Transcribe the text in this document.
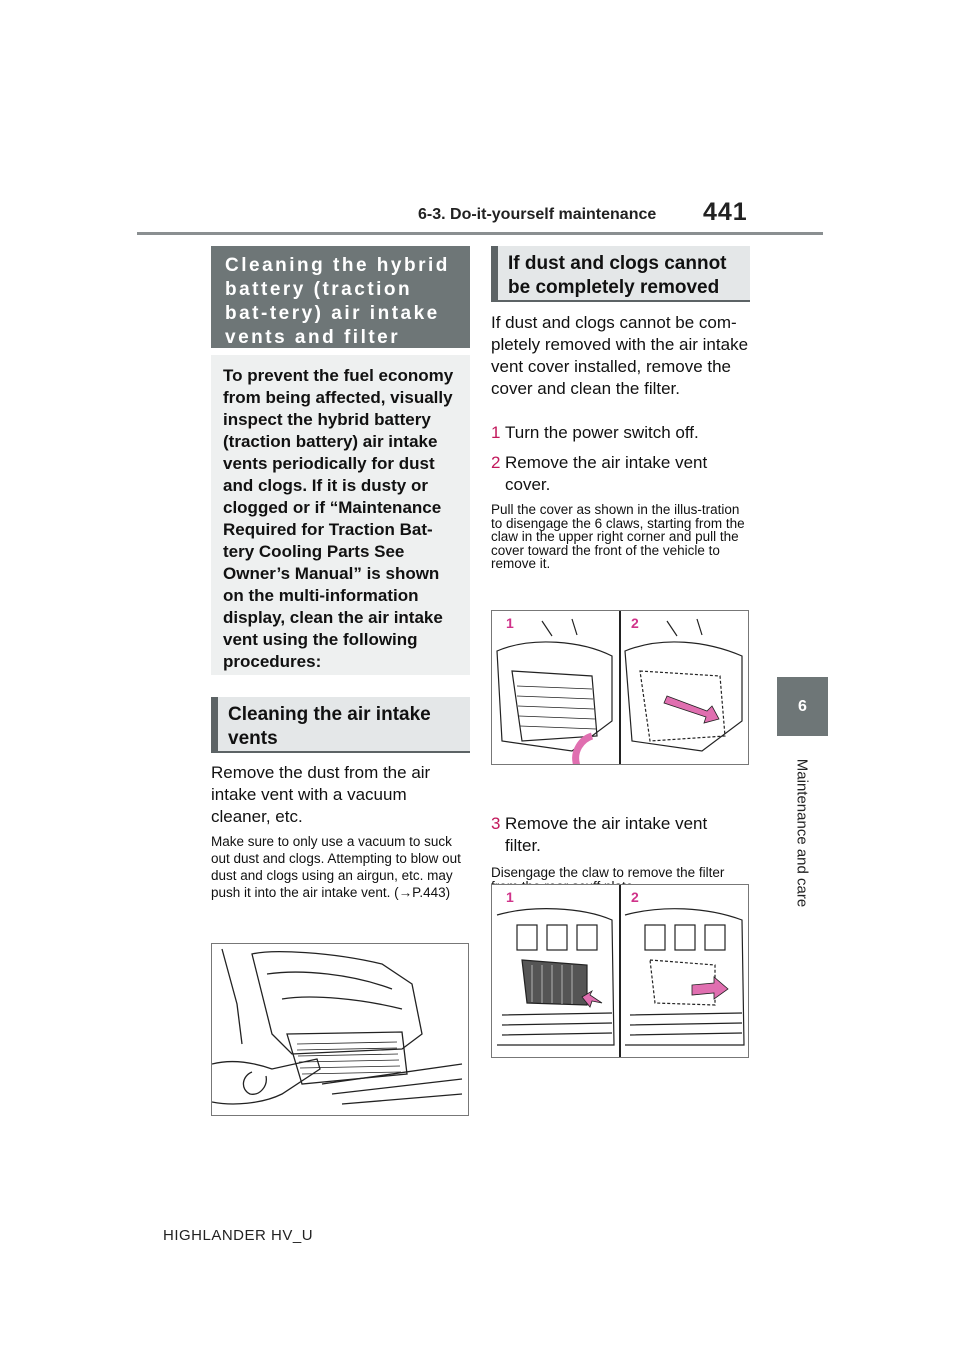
6-3. Do-it-yourself maintenance 441
6
Maintenance and care
Cleaning the hybrid battery (traction bat-tery) air intake vents and filter
To prevent the fuel economy from being affected, visually inspect the hybrid battery (traction battery) air intake vents periodically for dust and clogs. If it is dusty or clogged or if “Maintenance Required for Traction Bat-tery Cooling Parts See Owner’s Manual” is shown on the multi-information display, clean the air intake vent using the following procedures:
Cleaning the air intake vents
Remove the dust from the air intake vent with a vacuum cleaner, etc.
Make sure to only use a vacuum to suck out dust and clogs. Attempting to blow out dust and clogs using an airgun, etc. may push it into the air intake vent. (→P.443)
If dust and clogs cannot be completely removed
If dust and clogs cannot be com-pletely removed with the air intake vent cover installed, remove the cover and clean the filter.
1 Turn the power switch off.
2 Remove the air intake vent cover.
Pull the cover as shown in the illus-tration to disengage the 6 claws, starting from the claw in the upper right corner and pull the cover toward the front of the vehicle to remove it.
1	2
3 Remove the air intake vent filter.
Disengage the claw to remove the filter
1	2
HIGHLANDER HV_U
